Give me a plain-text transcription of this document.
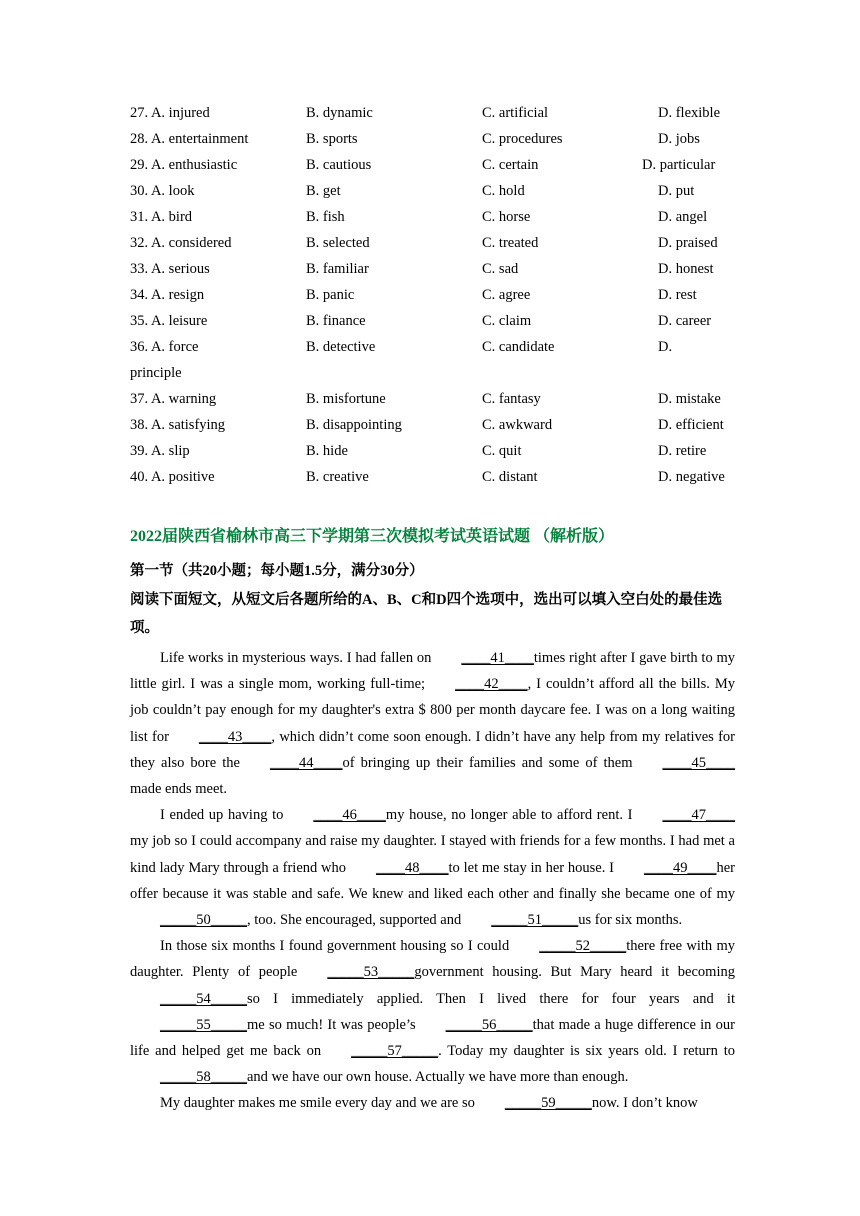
27. A. injured	B. dynamic	C. artificial	D. flexible
28. A. entertainment	B. sports	C. procedures	D. jobs
29. A. enthusiastic	B. cautious	C. certain	D. particular
30. A. look	B. get	C. hold	D. put
31. A. bird	B. fish	C. horse	D. angel
32. A. considered	B. selected	C. treated	D. praised
33. A. serious	B. familiar	C. sad	D. honest
34. A. resign	B. panic	C. agree	D. rest
35. A. leisure	B. finance	C. claim	D. career
36. A. force	B. detective	C. candidate	D.
principle
37. A. warning	B. misfortune	C. fantasy	D. mistake
38. A. satisfying	B. disappointing	C. awkward	D. efficient
39. A. slip	B. hide	C. quit	D. retire
40. A. positive	B. creative	C. distant	D. negative
2022届陕西省榆林市高三下学期第三次模拟考试英语试题 （解析版）
第一节（共20小题；每小题1.5分，满分30分）
阅读下面短文，从短文后各题所给的A、B、C和D四个选项中，选出可以填入空白处的最佳选项。

Life works in mysterious ways. I had fallen on ____41____times right after I gave birth to my little girl. I was a single mom, working full-time; ____42____, I couldn’t afford all the bills. My job couldn’t pay enough for my daughter's extra $ 800 per month daycare fee. I was on a long waiting list for ____43____, which didn’t come soon enough. I didn’t have any help from my relatives for they also bore the ____44____of bringing up their families and some of them ____45____made ends meet.

I ended up having to ____46____my house, no longer able to afford rent. I ____47____my job so I could accompany and raise my daughter. I stayed with friends for a few months. I had met a kind lady Mary through a friend who ____48____to let me stay in her house. I ____49____her offer because it was stable and safe. We knew and liked each other and finally she became one of my_____50_____, too. She encouraged, supported and _____51_____us for six months.

In those six months I found government housing so I could _____52_____there free with my daughter. Plenty of people _____53_____government housing. But Mary heard it becoming_____54_____so I immediately applied. Then I lived there for four years and it_____55_____me so much! It was people’s _____56_____that made a huge difference in our life and helped get me back on _____57_____. Today my daughter is six years old. I return to_____58_____and we have our own house. Actually we have more than enough.

My daughter makes me smile every day and we are so _____59_____now. I don’t know
